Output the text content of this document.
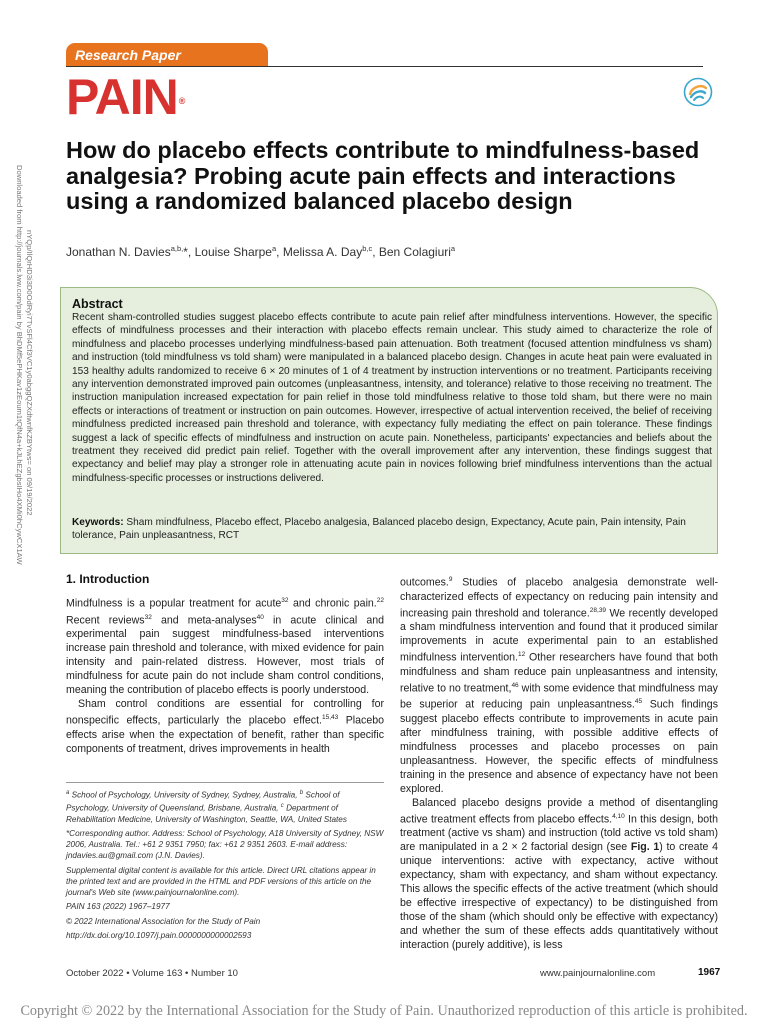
Research Paper
PAIN®
Downloaded from http://journals.lww.com/pain by BhDMf5ePHKav1zEoum1tQfN4a+kJLhEZgbsIHo4XMi0hCywCX1AW nYQp/IlQrHD3i3D0OdRyi7TvSFl4Cf3VC1y0abggQZXdtwnfKZBYtws= on 09/19/2022
How do placebo effects contribute to mindfulness-based analgesia? Probing acute pain effects and interactions using a randomized balanced placebo design
Jonathan N. Davies$^{a,b,}$*, Louise Sharpe$^a$, Melissa A. Day$^{b,c}$, Ben Colagiuri$^a$
Abstract

Recent sham-controlled studies suggest placebo effects contribute to acute pain relief after mindfulness interventions. However, the specific effects of mindfulness processes and their interaction with placebo effects remain unclear. This study aimed to characterize the role of mindfulness and placebo processes underlying mindfulness-based pain attenuation. Both treatment (focused attention mindfulness vs sham) and instruction (told mindfulness vs told sham) were manipulated in a balanced placebo design. Changes in acute heat pain were evaluated in 153 healthy adults randomized to receive 6 × 20 minutes of 1 of 4 treatment by instruction interventions or no treatment. Participants receiving any intervention demonstrated improved pain outcomes (unpleasantness, intensity, and tolerance) relative to those receiving no treatment. The instruction manipulation increased expectation for pain relief in those told mindfulness relative to those told sham, but there were no main effects or interactions of treatment or instruction on pain outcomes. However, irrespective of actual intervention received, the belief of receiving mindfulness predicted increased pain threshold and tolerance, with expectancy fully mediating the effect on pain tolerance. These findings suggest a lack of specific effects of mindfulness and instruction on acute pain. Nonetheless, participants' expectancies and beliefs about the treatment they received did predict pain relief. Together with the overall improvement after any intervention, these findings suggest that expectancy and belief may play a stronger role in attenuating acute pain in novices following brief mindfulness interventions than the actual mindfulness-specific processes or instructions delivered.

Keywords: Sham mindfulness, Placebo effect, Placebo analgesia, Balanced placebo design, Expectancy, Acute pain, Pain intensity, Pain tolerance, Pain unpleasantness, RCT

1. Introduction

Mindfulness is a popular treatment for acute$^{32}$ and chronic pain.$^{22}$ Recent reviews$^{32}$ and meta-analyses$^{40}$ in acute clinical and experimental pain suggest mindfulness-based interventions increase pain threshold and tolerance, with mixed evidence for pain intensity and pain-related distress. However, most trials of mindfulness for acute pain do not include sham control conditions, meaning the contribution of placebo effects is poorly understood.

Sham control conditions are essential for controlling for nonspecific effects, particularly the placebo effect.$^{15,43}$ Placebo effects arise when the expectation of benefit, rather than specific components of treatment, drives improvements in health

outcomes.$^9$ Studies of placebo analgesia demonstrate well-characterized effects of expectancy on reducing pain intensity and increasing pain threshold and tolerance.$^{28,39}$ We recently developed a sham mindfulness intervention and found that it produced similar improvements in acute experimental pain to an established mindfulness intervention.$^{12}$ Other researchers have found that both mindfulness and sham reduce pain unpleasantness and intensity, relative to no treatment,$^{46}$ with some evidence that mindfulness may be superior at reducing pain unpleasantness.$^{45}$ Such findings suggest placebo effects contribute to improvements in acute pain after mindfulness training, with possible additive effects of mindfulness processes and placebo processes on pain unpleasantness. However, the specific effects of mindfulness training in the presence and absence of expectancy have not been explored.

Balanced placebo designs provide a method of disentangling active treatment effects from placebo effects.$^{4,10}$ In this design, both treatment (active vs sham) and instruction (told active vs told sham) are manipulated in a 2 × 2 factorial design (see Fig. 1) to create 4 unique interventions: active with expectancy, active without expectancy, sham with expectancy, and sham without expectancy. This allows the specific effects of the active treatment (which should be effective irrespective of expectancy) to be distinguished from those of the sham (which should only be effective with expectancy) and whether the sum of these effects adds quantitatively without interaction (purely additive), is less

$^a$ School of Psychology, University of Sydney, Sydney, Australia, $^b$ School of Psychology, University of Queensland, Brisbane, Australia, $^c$ Department of Rehabilitation Medicine, University of Washington, Seattle, WA, United States

*Corresponding author. Address: School of Psychology, A18 University of Sydney, NSW 2006, Australia. Tel.: +61 2 9351 7950; fax: +61 2 9351 2603. E-mail address: jndavies.au@gmail.com (J.N. Davies).

Supplemental digital content is available for this article. Direct URL citations appear in the printed text and are provided in the HTML and PDF versions of this article on the journal's Web site (www.painjournalonline.com).

PAIN 163 (2022) 1967–1977

© 2022 International Association for the Study of Pain

http://dx.doi.org/10.1097/j.pain.0000000000002593

October 2022 • Volume 163 • Number 10	www.painjournalonline.com	1967
Copyright © 2022 by the International Association for the Study of Pain. Unauthorized reproduction of this article is prohibited.
